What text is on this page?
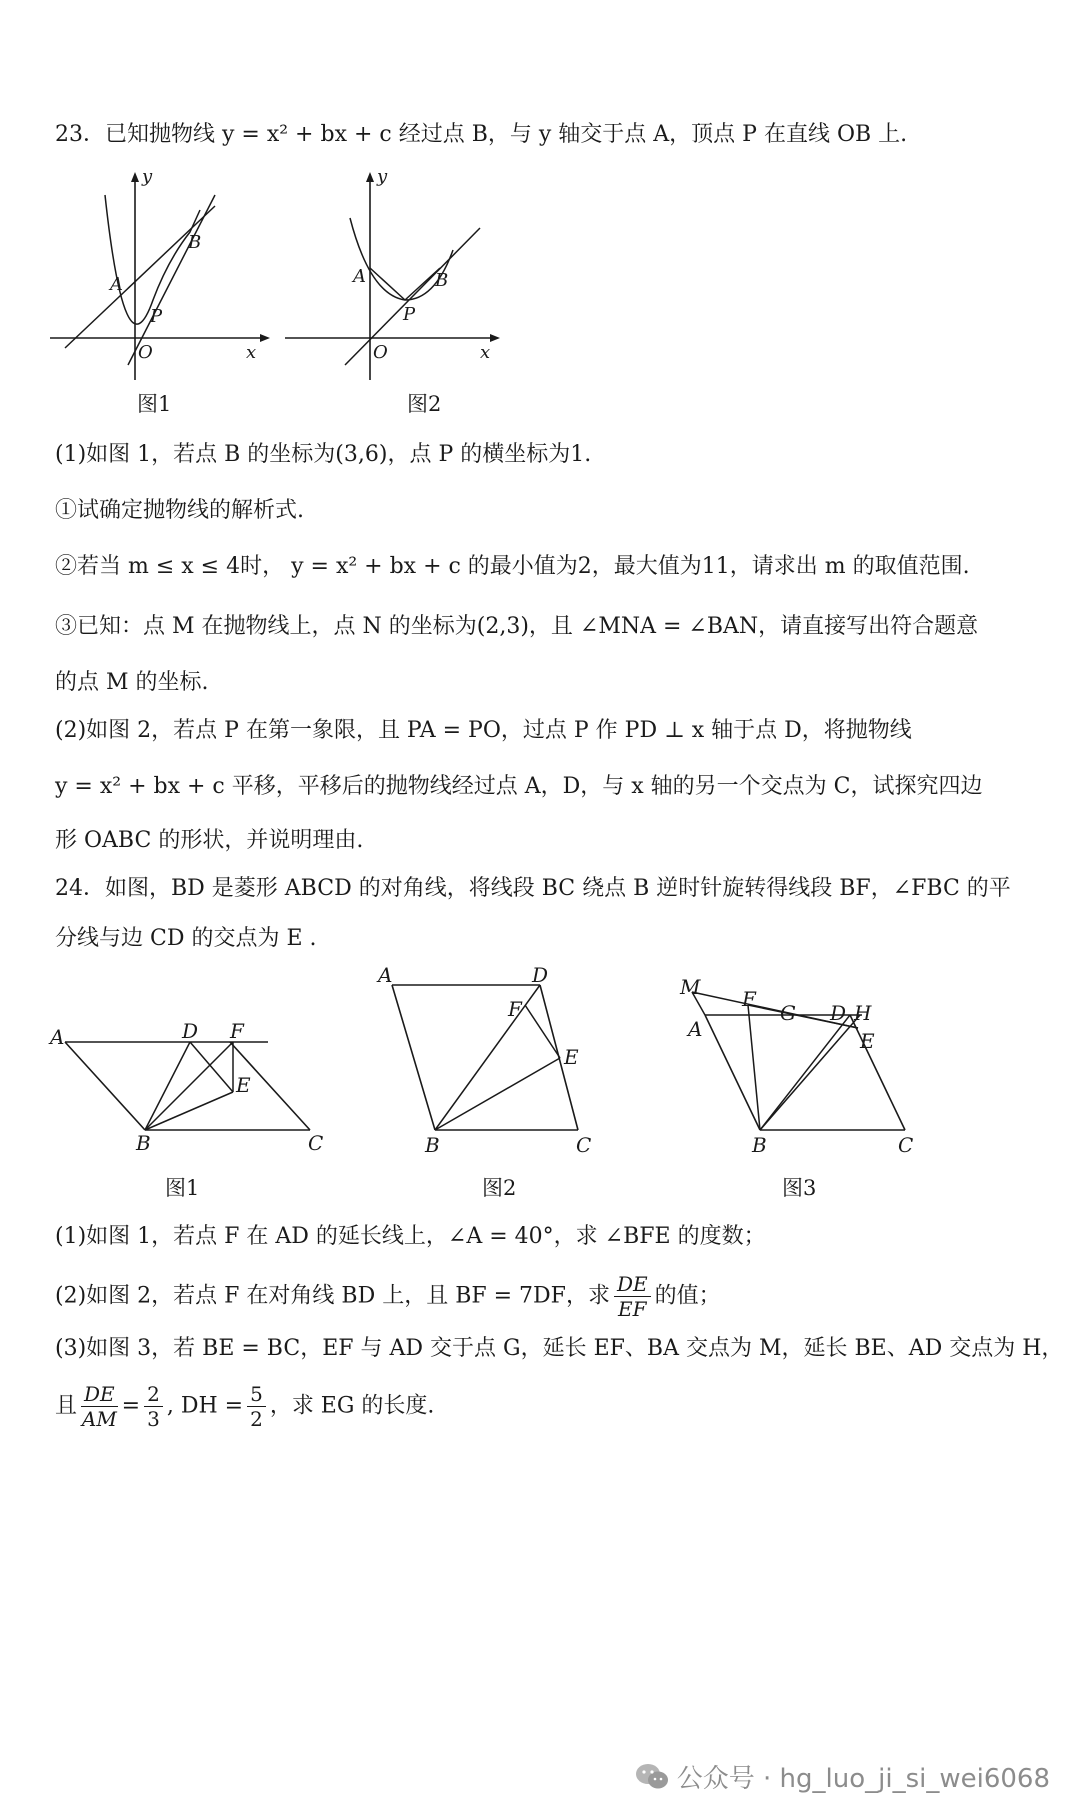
23．已知抛物线 y = x² + bx + c 经过点 B，与 y 轴交于点 A，顶点 P 在直线 OB 上.
y
x
O
A
B
P
图1
y
x
O
A	B
P
图2
(1)如图 1，若点 B 的坐标为(3,6)，点 P 的横坐标为1.
①试确定抛物线的解析式.
②若当 m ≤ x ≤ 4时， y = x² + bx + c 的最小值为2，最大值为11，请求出 m 的取值范围.
③已知：点 M 在抛物线上，点 N 的坐标为(2,3)，且 ∠MNA = ∠BAN，请直接写出符合题意
的点 M 的坐标.
(2)如图 2，若点 P 在第一象限，且 PA = PO，过点 P 作 PD ⊥ x 轴于点 D，将抛物线
y = x² + bx + c 平移，平移后的抛物线经过点 A，D，与 x 轴的另一个交点为 C，试探究四边
形 OABC 的形状，并说明理由.
24．如图，BD 是菱形 ABCD 的对角线，将线段 BC 绕点 B 逆时针旋转得线段 BF，∠FBC 的平
分线与边 CD 的交点为 E .
A	D F
E
B	C
图1
A	D
F
E
B	C
图2
M F
G D H
A	E
B	C
图3
(1)如图 1，若点 F 在 AD 的延长线上，∠A = 40°，求 ∠BFE 的度数；
(2)如图 2，若点 F 在对角线 BD 上，且 BF = 7DF，求 $\frac{DE}{EF}$ 的值；
(3)如图 3，若 BE = BC，EF 与 AD 交于点 G，延长 EF、BA 交点为 M，延长 BE、AD 交点为 H，
且 $\frac{DE}{AM} = \frac{2}{3}$ , DH = $\frac{5}{2}$ ，求 EG 的长度.
公众号 · hg_luo_ji_si_wei6068
